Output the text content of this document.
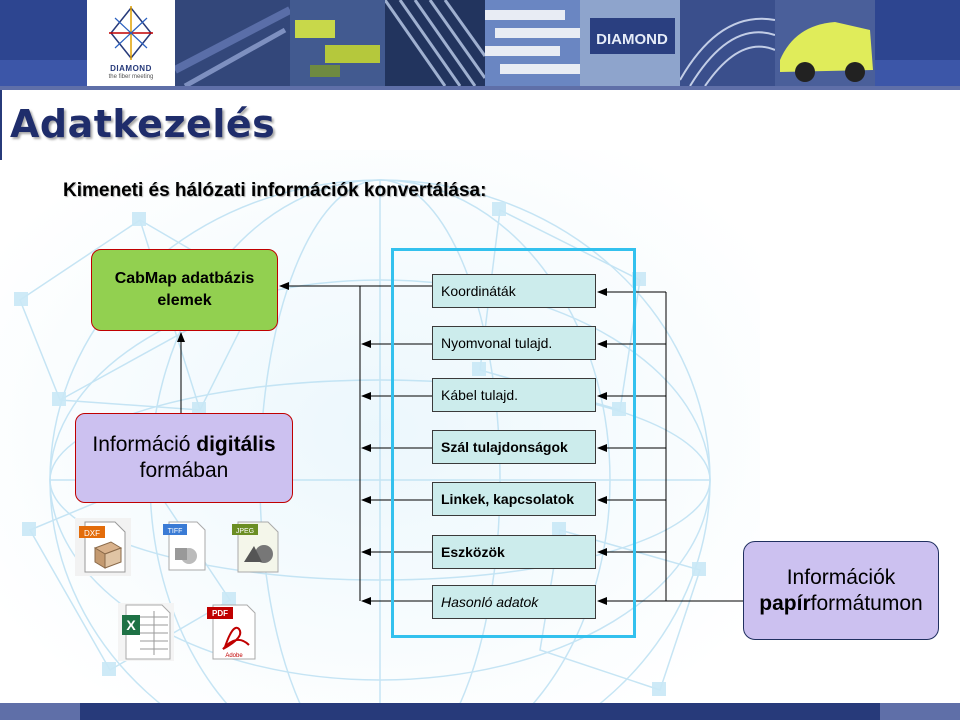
DIAMOND
DIAMOND
the fiber meeting
Adatkezelés
Kimeneti és hálózati információk konvertálása:
Koordináták
Nyomvonal tulajd.
Kábel tulajd.
Szál tulajdonságok
Linkek, kapcsolatok
Eszközök
Hasonló adatok
CabMap adatbázis
elemek
Információ digitális
formában
Információk
papírformátumon
DXF	TIFF	JPEG
X
PDF
Adobe
